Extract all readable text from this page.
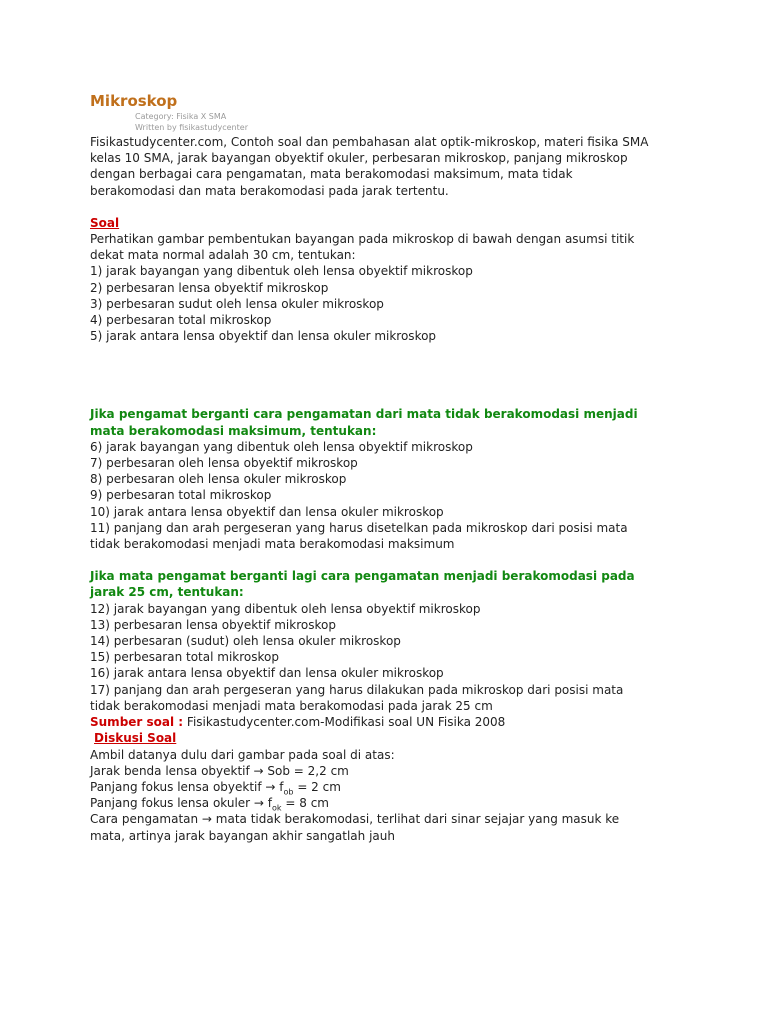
Mikroskop
Category: Fisika X SMA
Written by fisikastudycenter

Fisikastudycenter.com, Contoh soal dan pembahasan alat optik-mikroskop, materi fisika SMA kelas 10 SMA, jarak bayangan obyektif okuler, perbesaran mikroskop, panjang mikroskop dengan berbagai cara pengamatan, mata berakomodasi maksimum, mata tidak berakomodasi dan mata berakomodasi pada jarak tertentu.

Soal

Perhatikan gambar pembentukan bayangan pada mikroskop di bawah dengan asumsi titik dekat mata normal adalah 30 cm, tentukan:

1) jarak bayangan yang dibentuk oleh lensa obyektif mikroskop
2) perbesaran lensa obyektif mikroskop
3) perbesaran sudut oleh lensa okuler mikroskop
4) perbesaran total mikroskop
5) jarak antara lensa obyektif dan lensa okuler mikroskop
Jika pengamat berganti cara pengamatan dari mata tidak berakomodasi menjadi mata berakomodasi maksimum, tentukan:
6) jarak bayangan yang dibentuk oleh lensa obyektif mikroskop
7) perbesaran oleh lensa obyektif mikroskop
8) perbesaran oleh lensa okuler mikroskop
9) perbesaran total mikroskop
10) jarak antara lensa obyektif dan lensa okuler mikroskop
11) panjang dan arah pergeseran yang harus disetelkan pada mikroskop dari posisi mata tidak berakomodasi menjadi mata berakomodasi maksimum
Jika mata pengamat berganti lagi cara pengamatan menjadi berakomodasi pada jarak 25 cm, tentukan:
12) jarak bayangan yang dibentuk oleh lensa obyektif mikroskop
13) perbesaran lensa obyektif mikroskop
14) perbesaran (sudut) oleh lensa okuler mikroskop
15) perbesaran total mikroskop
16) jarak antara lensa obyektif dan lensa okuler mikroskop
17) panjang dan arah pergeseran yang harus dilakukan pada mikroskop dari posisi mata tidak berakomodasi menjadi mata berakomodasi pada jarak 25 cm
Sumber soal : Fisikastudycenter.com-Modifikasi soal UN Fisika 2008
Diskusi Soal
Ambil datanya dulu dari gambar pada soal di atas:
Jarak benda lensa obyektif → Sob = 2,2 cm
Panjang fokus lensa obyektif → $f_{ob} = 2$ cm
Panjang fokus lensa okuler → $f_{ok} = 8$ cm
Cara pengamatan → mata tidak berakomodasi, terlihat dari sinar sejajar yang masuk ke mata, artinya jarak bayangan akhir sangatlah jauh
